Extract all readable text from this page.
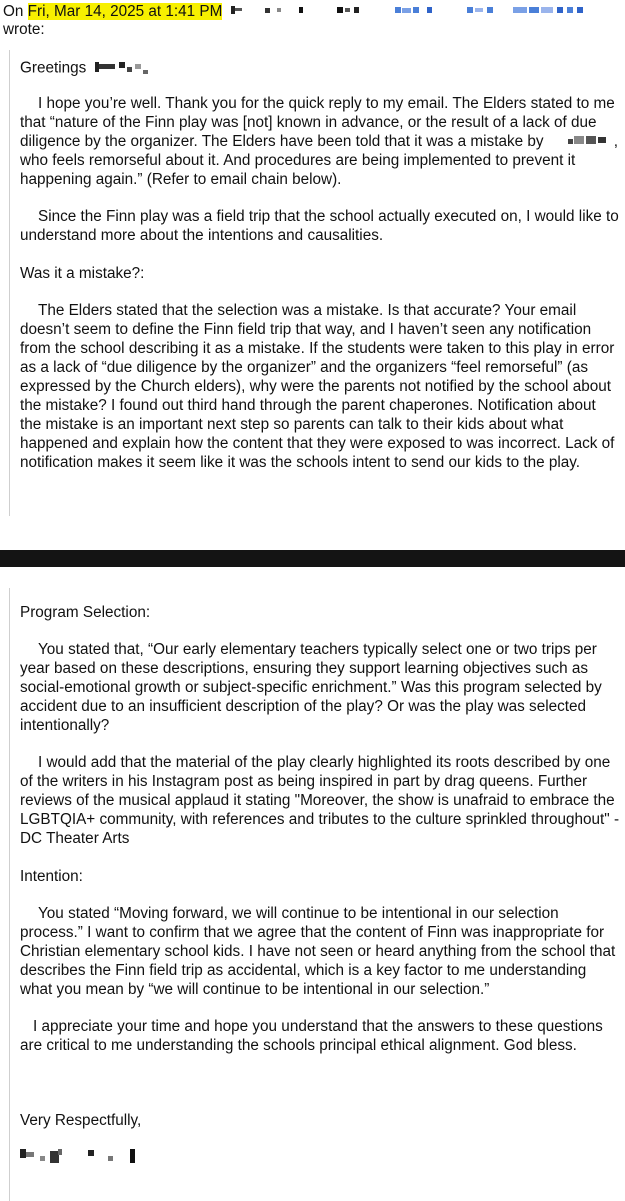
On Fri, Mar 14, 2025 at 1:41 PM
wrote:

Greetings

I hope you’re well. Thank you for the quick reply to my email. The Elders stated to me that “nature of the Finn play was [not] known in advance, or the result of a lack of due diligence by the organizer. The Elders have been told that it was a mistake by	, who feels remorseful about it. And procedures are being implemented to prevent it happening again.” (Refer to email chain below).

Since the Finn play was a field trip that the school actually executed on, I would like to understand more about the intentions and causalities.

Was it a mistake?:

The Elders stated that the selection was a mistake. Is that accurate? Your email doesn’t seem to define the Finn field trip that way, and I haven’t seen any notification from the school describing it as a mistake. If the students were taken to this play in error as a lack of “due diligence by the organizer” and the organizers “feel remorseful” (as expressed by the Church elders), why were the parents not notified by the school about the mistake? I found out third hand through the parent chaperones. Notification about the mistake is an important next step so parents can talk to their kids about what happened and explain how the content that they were exposed to was incorrect. Lack of notification makes it seem like it was the schools intent to send our kids to the play.

Program Selection:

You stated that, “Our early elementary teachers typically select one or two trips per year based on these descriptions, ensuring they support learning objectives such as social-emotional growth or subject-specific enrichment.” Was this program selected by accident due to an insufficient description of the play? Or was the play was selected intentionally?

I would add that the material of the play clearly highlighted its roots described by one of the writers in his Instagram post as being inspired in part by drag queens. Further reviews of the musical applaud it stating "Moreover, the show is unafraid to embrace the LGBTQIA+ community, with references and tributes to the culture sprinkled throughout" - DC Theater Arts

Intention:

You stated “Moving forward, we will continue to be intentional in our selection process.” I want to confirm that we agree that the content of Finn was inappropriate for Christian elementary school kids. I have not seen or heard anything from the school that describes the Finn field trip as accidental, which is a key factor to me understanding what you mean by “we will continue to be intentional in our selection.”

I appreciate your time and hope you understand that the answers to these questions are critical to me understanding the schools principal ethical alignment. God bless.

Very Respectfully,
